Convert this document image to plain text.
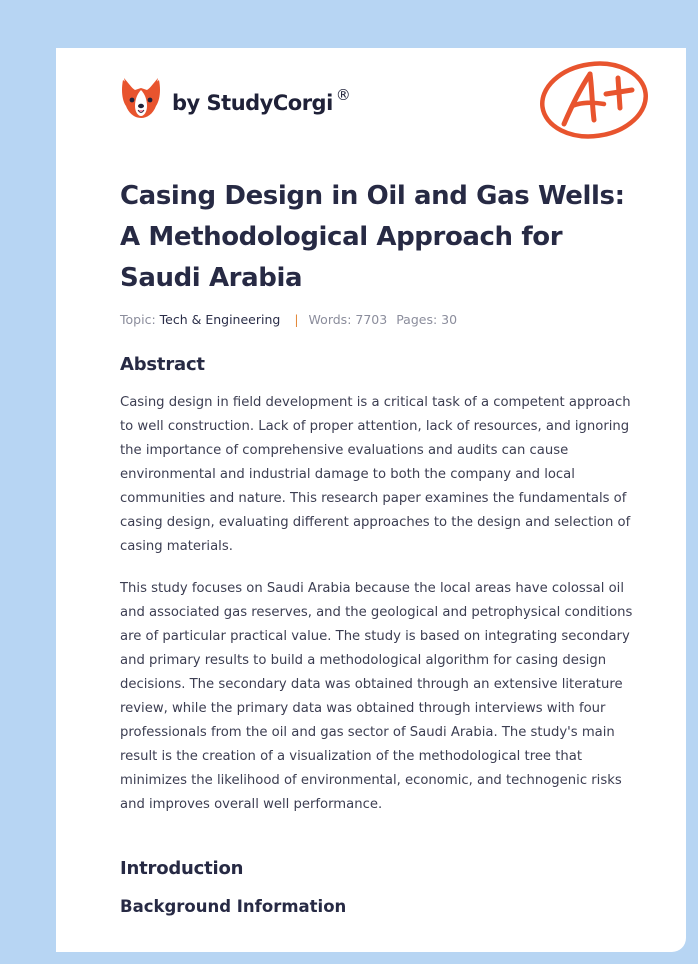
by StudyCorgi ®
Casing Design in Oil and Gas Wells: A Methodological Approach for Saudi Arabia
Topic: Tech & Engineering | Words: 7703 Pages: 30
Abstract

Casing design in field development is a critical task of a competent approach to well construction. Lack of proper attention, lack of resources, and ignoring the importance of comprehensive evaluations and audits can cause environmental and industrial damage to both the company and local communities and nature. This research paper examines the fundamentals of casing design, evaluating different approaches to the design and selection of casing materials.

This study focuses on Saudi Arabia because the local areas have colossal oil and associated gas reserves, and the geological and petrophysical conditions are of particular practical value. The study is based on integrating secondary and primary results to build a methodological algorithm for casing design decisions. The secondary data was obtained through an extensive literature review, while the primary data was obtained through interviews with four professionals from the oil and gas sector of Saudi Arabia. The study's main result is the creation of a visualization of the methodological tree that minimizes the likelihood of environmental, economic, and technogenic risks and improves overall well performance.

Introduction
Background Information
